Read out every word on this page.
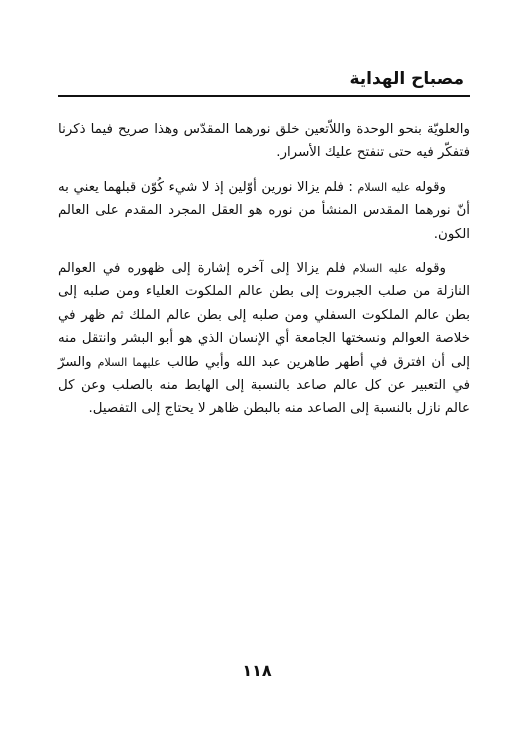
مصباح الهداية

والعلويّة بنحو الوحدة واللاّتعين خلق نورهما المقدّس وهذا صريح فيما ذكرنا فتفكّر فيه حتى تنفتح عليك الأسرار.

وقوله عليه السلام : فلم يزالا نورين أوّلين إذ لا شيء كُوّن قبلهما يعني به أنّ نورهما المقدس المنشأ من نوره هو العقل المجرد المقدم على العالم الكون.

وقوله عليه السلام فلم يزالا إلى آخره إشارة إلى ظهوره في العوالم النازلة من صلب الجبروت إلى بطن عالم الملكوت العلياء ومن صلبه إلى بطن عالم الملكوت السفلي ومن صلبه إلى بطن عالم الملك ثم ظهر في خلاصة العوالم ونسختها الجامعة أي الإنسان الذي هو أبو البشر وانتقل منه إلى أن افترق في أطهر طاهرين عبد الله وأبي طالب عليهما السلام والسرّ في التعبير عن كل عالم صاعد بالنسبة إلى الهابط منه بالصلب وعن كل عالم نازل بالنسبة إلى الصاعد منه بالبطن ظاهر لا يحتاج إلى التفصيل.

١١٨
